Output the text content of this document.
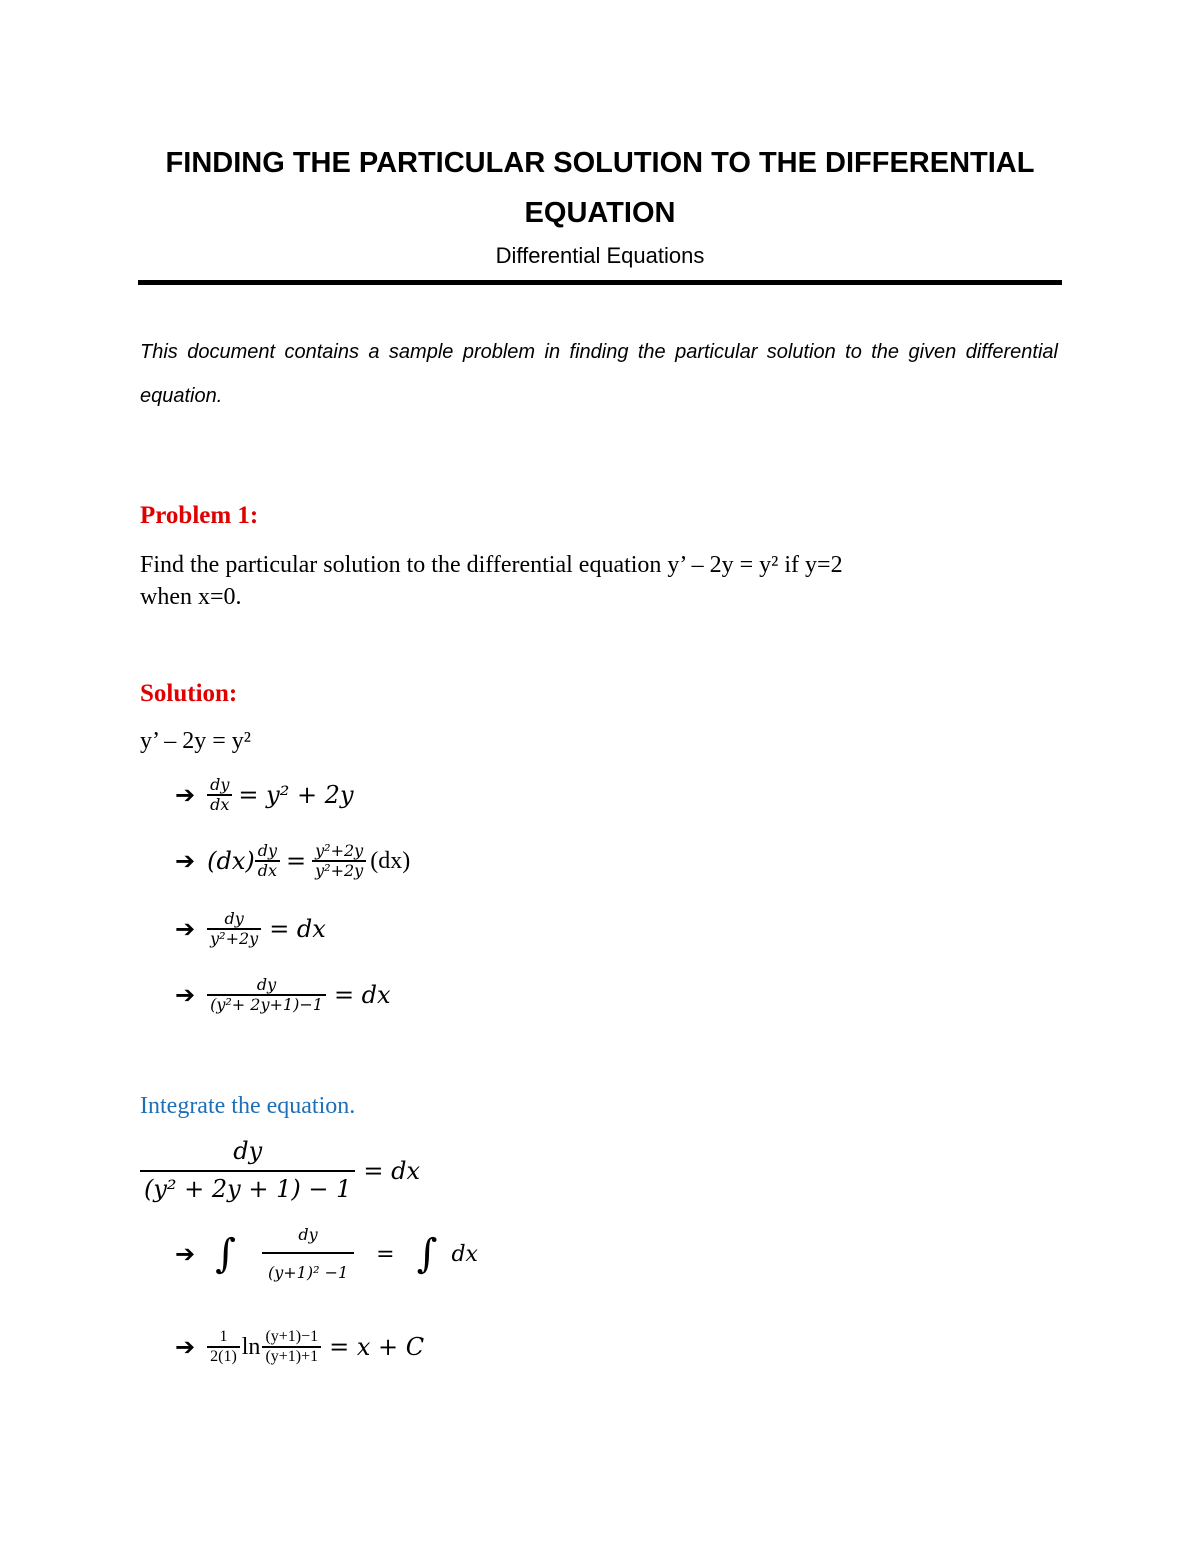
FINDING THE PARTICULAR SOLUTION TO THE DIFFERENTIAL
EQUATION
Differential Equations
This document contains a sample problem in finding the particular solution to the given differential equation.
Problem 1:
Find the particular solution to the differential equation y’ – 2y = y² if y=2
when x=0.
Solution:
y’ – 2y = y²
➔ $\frac{dy}{dx} = y^2 + 2y$
➔ $(dx) \frac{dy}{dx} = \frac{\text{y²+2y}}{\text{y²+2y}} (dx)$
➔ $\frac{dy}{\text{y²+2y}}$ = dx
➔ $\frac{dy}{\text{(y²+ 2y+1)−1}}$ = dx
Integrate the equation.
$\frac{dy}{\text{(y² + 2y + 1) − 1}}$ = dx
➔ ∫ $\frac{dy}{\text{(y+1)² −1}}$ = ∫ dx
➔ $\frac{1}{2(1)}$ $\ln \frac{(y+1)-1}{(y+1)+1} = x + C$
